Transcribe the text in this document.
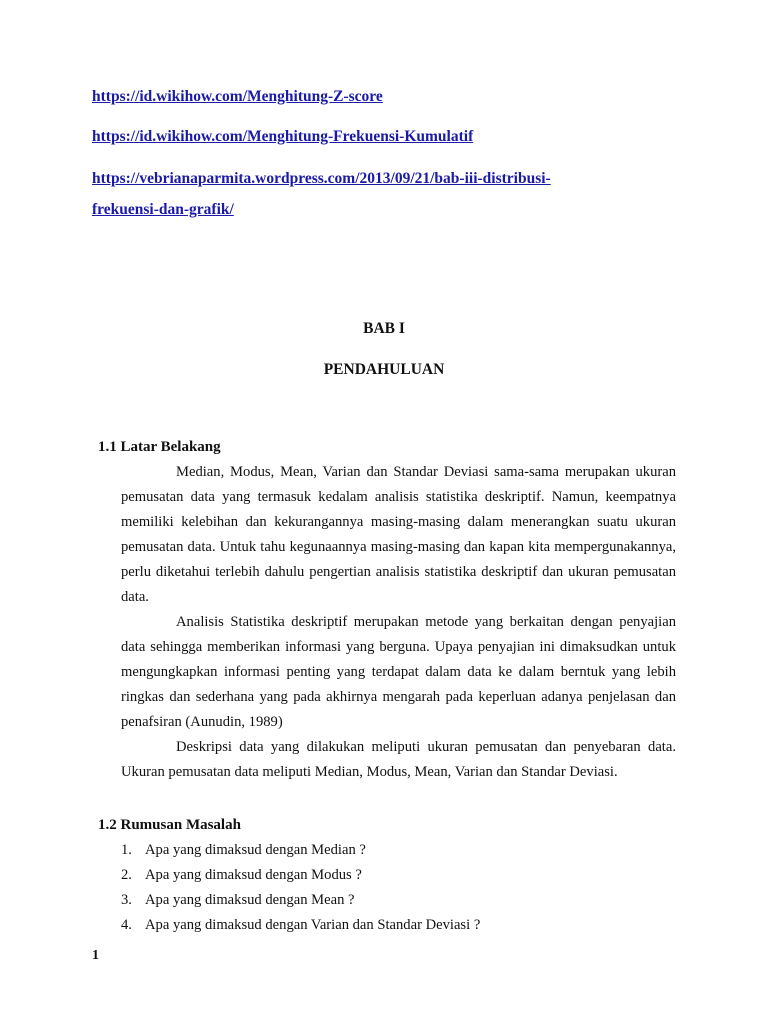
https://id.wikihow.com/Menghitung-Z-score
https://id.wikihow.com/Menghitung-Frekuensi-Kumulatif
https://vebrianaparmita.wordpress.com/2013/09/21/bab-iii-distribusi-
frekuensi-dan-grafik/
BAB I
PENDAHULUAN
1.1 Latar Belakang

Median, Modus, Mean, Varian dan Standar Deviasi sama-sama merupakan ukuran pemusatan data yang termasuk kedalam analisis statistika deskriptif. Namun, keempatnya memiliki kelebihan dan kekurangannya masing-masing dalam menerangkan suatu ukuran pemusatan data. Untuk tahu kegunaannya masing-masing dan kapan kita mempergunakannya, perlu diketahui terlebih dahulu pengertian analisis statistika deskriptif dan ukuran pemusatan data.

Analisis Statistika deskriptif merupakan metode yang berkaitan dengan penyajian data sehingga memberikan informasi yang berguna. Upaya penyajian ini dimaksudkan untuk mengungkapkan informasi penting yang terdapat dalam data ke dalam berntuk yang lebih ringkas dan sederhana yang pada akhirnya mengarah pada keperluan adanya penjelasan dan penafsiran (Aunudin, 1989)

Deskripsi data yang dilakukan meliputi ukuran pemusatan dan penyebaran data. Ukuran pemusatan data meliputi Median, Modus, Mean, Varian dan Standar Deviasi.

1.2 Rumusan Masalah
1. Apa yang dimaksud dengan Median ?
2. Apa yang dimaksud dengan Modus ?
3. Apa yang dimaksud dengan Mean ?
4. Apa yang dimaksud dengan Varian dan Standar Deviasi ?
1
